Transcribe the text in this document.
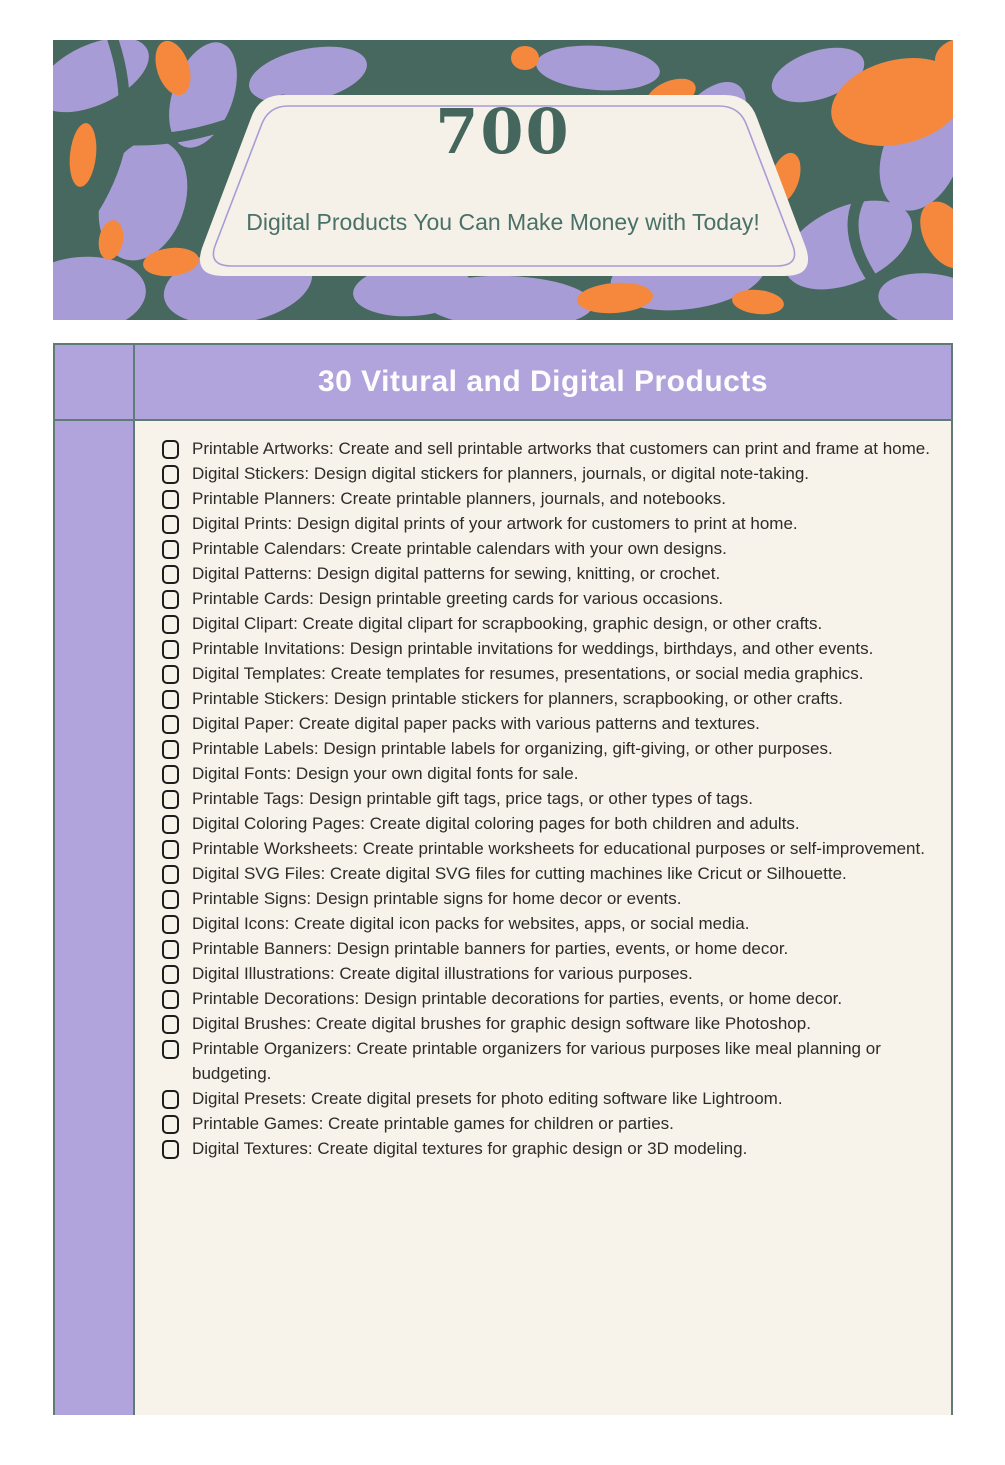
700
Digital Products You Can Make Money with Today!
30 Vitural and Digital Products
Printable Artworks: Create and sell printable artworks that customers can print and frame at home.
Digital Stickers: Design digital stickers for planners, journals, or digital note-taking.
Printable Planners: Create printable planners, journals, and notebooks.
Digital Prints: Design digital prints of your artwork for customers to print at home.
Printable Calendars: Create printable calendars with your own designs.
Digital Patterns: Design digital patterns for sewing, knitting, or crochet.
Printable Cards: Design printable greeting cards for various occasions.
Digital Clipart: Create digital clipart for scrapbooking, graphic design, or other crafts.
Printable Invitations: Design printable invitations for weddings, birthdays, and other events.
Digital Templates: Create templates for resumes, presentations, or social media graphics.
Printable Stickers: Design printable stickers for planners, scrapbooking, or other crafts.
Digital Paper: Create digital paper packs with various patterns and textures.
Printable Labels: Design printable labels for organizing, gift-giving, or other purposes.
Digital Fonts: Design your own digital fonts for sale.
Printable Tags: Design printable gift tags, price tags, or other types of tags.
Digital Coloring Pages: Create digital coloring pages for both children and adults.
Printable Worksheets: Create printable worksheets for educational purposes or self-improvement.
Digital SVG Files: Create digital SVG files for cutting machines like Cricut or Silhouette.
Printable Signs: Design printable signs for home decor or events.
Digital Icons: Create digital icon packs for websites, apps, or social media.
Printable Banners: Design printable banners for parties, events, or home decor.
Digital Illustrations: Create digital illustrations for various purposes.
Printable Decorations: Design printable decorations for parties, events, or home decor.
Digital Brushes: Create digital brushes for graphic design software like Photoshop.
Printable Organizers: Create printable organizers for various purposes like meal planning or budgeting.
Digital Presets: Create digital presets for photo editing software like Lightroom.
Printable Games: Create printable games for children or parties.
Digital Textures: Create digital textures for graphic design or 3D modeling.
